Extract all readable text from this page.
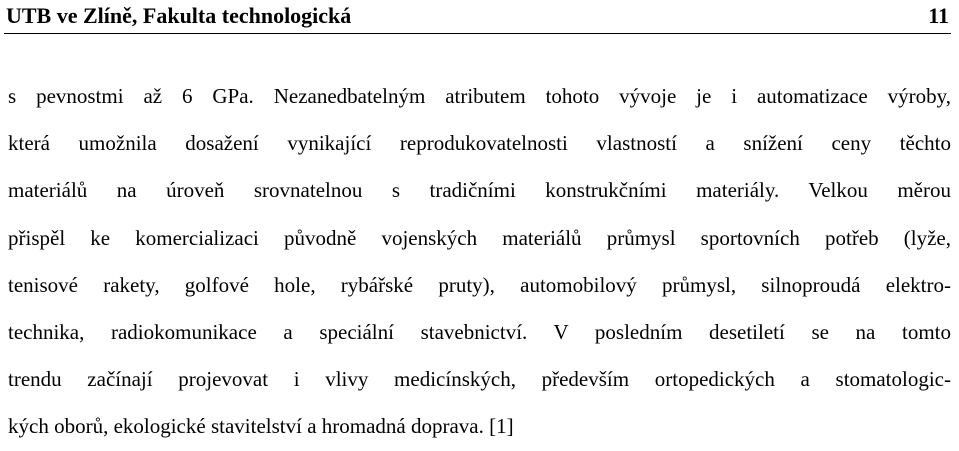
UTB ve Zlíně, Fakulta technologická	11
s pevnostmi až 6 GPa. Nezanedbatelným atributem tohoto vývoje je i automatizace výroby,
která umožnila dosažení vynikající reprodukovatelnosti vlastností a snížení ceny těchto
materiálů na úroveň srovnatelnou s tradičními konstrukčními materiály. Velkou měrou
přispěl ke komercializaci původně vojenských materiálů průmysl sportovních potřeb (lyže,
tenisové rakety, golfové hole, rybářské pruty), automobilový průmysl, silnoproudá elektro-
technika, radiokomunikace a speciální stavebnictví. V posledním desetiletí se na tomto
trendu začínají projevovat i vlivy medicínských, především ortopedických a stomatologic-
kých oborů, ekologické stavitelství a hromadná doprava. [1]
